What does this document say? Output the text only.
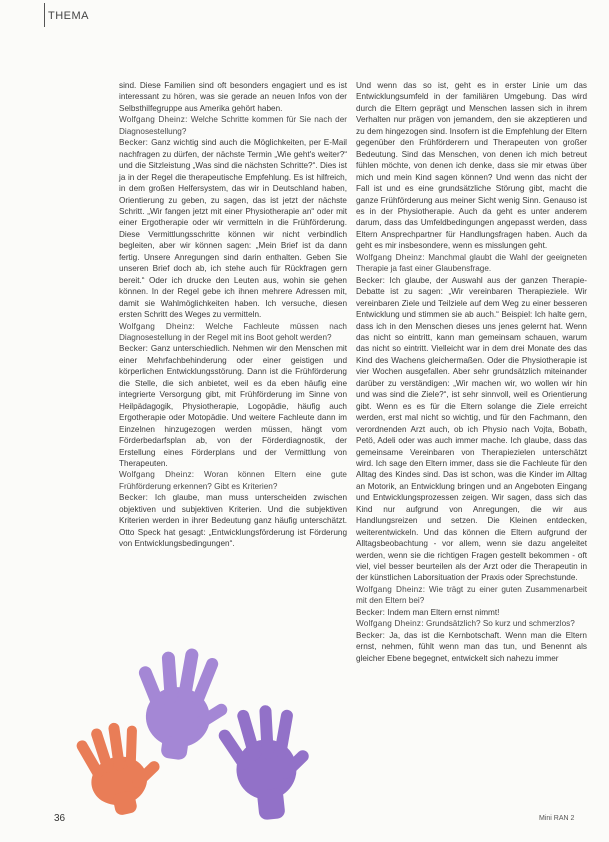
THEMA

sind. Diese Familien sind oft besonders engagiert und es ist interessant zu hören, was sie gerade an neuen Infos von der Selbsthilfegruppe aus Amerika gehört haben.

Wolfgang Dheinz: Welche Schritte kommen für Sie nach der Diagnosestellung?

Becker: Ganz wichtig sind auch die Möglichkeiten, per E-Mail nachfragen zu dürfen, der nächste Termin „Wie geht's weiter?“ und die Sitzleistung „Was sind die nächsten Schritte?“. Dies ist ja in der Regel die therapeutische Empfehlung. Es ist hilfreich, in dem großen Helfersystem, das wir in Deutschland haben, Orientierung zu geben, zu sagen, das ist jetzt der nächste Schritt. „Wir fangen jetzt mit einer Physiotherapie an“ oder mit einer Ergotherapie oder wir vermitteln in die Frühförderung. Diese Vermittlungsschritte können wir nicht verbindlich begleiten, aber wir können sagen: „Mein Brief ist da dann fertig. Unsere Anregungen sind darin enthalten. Geben Sie unseren Brief doch ab, ich stehe auch für Rückfragen gern bereit.“ Oder ich drucke den Leuten aus, wohin sie gehen können. In der Regel gebe ich ihnen mehrere Adressen mit, damit sie Wahlmöglichkeiten haben. Ich versuche, diesen ersten Schritt des Weges zu vermitteln.

Wolfgang Dheinz: Welche Fachleute müssen nach Diagnosestellung in der Regel mit ins Boot geholt werden?

Becker: Ganz unterschiedlich. Nehmen wir den Menschen mit einer Mehrfachbehinderung oder einer geistigen und körperlichen Entwicklungsstörung. Dann ist die Frühförderung die Stelle, die sich anbietet, weil es da eben häufig eine integrierte Versorgung gibt, mit Frühförderung im Sinne von Heilpädagogik, Physiotherapie, Logopädie, häufig auch Ergotherapie oder Motopädie. Und weitere Fachleute dann im Einzelnen hinzugezogen werden müssen, hängt vom Förderbedarfsplan ab, von der Förderdiagnostik, der Erstellung eines Förderplans und der Vermittlung von Therapeuten.

Wolfgang Dheinz: Woran können Eltern eine gute Frühförderung erkennen? Gibt es Kriterien?

Becker: Ich glaube, man muss unterscheiden zwischen objektiven und subjektiven Kriterien. Und die subjektiven Kriterien werden in ihrer Bedeutung ganz häufig unterschätzt. Otto Speck hat gesagt: „Entwicklungsförderung ist Förderung von Entwicklungsbedingungen“.

Und wenn das so ist, geht es in erster Linie um das Entwicklungsumfeld in der familiären Umgebung. Das wird durch die Eltern geprägt und Menschen lassen sich in ihrem Verhalten nur prägen von jemandem, den sie akzeptieren und zu dem hingezogen sind. Insofern ist die Empfehlung der Eltern gegenüber den Frühförderern und Therapeuten von großer Bedeutung. Sind das Menschen, von denen ich mich betreut fühlen möchte, von denen ich denke, dass sie mir etwas über mich und mein Kind sagen können? Und wenn das nicht der Fall ist und es eine grundsätzliche Störung gibt, macht die ganze Frühförderung aus meiner Sicht wenig Sinn. Genauso ist es in der Physiotherapie. Auch da geht es unter anderem darum, dass das Umfeldbedingungen angepasst werden, dass Eltern Ansprechpartner für Handlungsfragen haben. Auch da geht es mir insbesondere, wenn es misslungen geht.

Wolfgang Dheinz: Manchmal glaubt die Wahl der geeigneten Therapie ja fast einer Glaubensfrage.

Becker: Ich glaube, der Auswahl aus der ganzen Therapie-Debatte ist zu sagen: „Wir vereinbaren Therapieziele. Wir vereinbaren Ziele und Teilziele auf dem Weg zu einer besseren Entwicklung und stimmen sie ab auch.“ Beispiel: Ich halte gern, dass ich in den Menschen dieses uns jenes gelernt hat. Wenn das nicht so eintritt, kann man gemeinsam schauen, warum das nicht so eintritt. Vielleicht war in dem drei Monate des das Kind des Wachens gleichermaßen. Oder die Physiotherapie ist vier Wochen ausgefallen. Aber sehr grundsätzlich miteinander darüber zu verständigen: „Wir machen wir, wo wollen wir hin und was sind die Ziele?“, ist sehr sinnvoll, weil es Orientierung gibt. Wenn es es für die Eltern solange die Ziele erreicht werden, erst mal nicht so wichtig, und für den Fachmann, den verordnenden Arzt auch, ob ich Physio nach Vojta, Bobath, Petö, Adeli oder was auch immer mache. Ich glaube, dass das gemeinsame Vereinbaren von Therapiezielen unterschätzt wird. Ich sage den Eltern immer, dass sie die Fachleute für den Alltag des Kindes sind. Das ist schon, was die Kinder im Alltag an Motorik, an Entwicklung bringen und an Angeboten Eingang und Entwicklungsprozessen zeigen. Wir sagen, dass sich das Kind nur aufgrund von Anregungen, die wir aus Handlungsreizen und setzen. Die Kleinen entdecken, weiterentwickeln. Und das können die Eltern aufgrund der Alltagsbeobachtung - vor allem, wenn sie dazu angeleitet werden, wenn sie die richtigen Fragen gestellt bekommen - oft viel, viel besser beurteilen als der Arzt oder die Therapeutin in der künstlichen Laborsituation der Praxis oder Sprechstunde.

Wolfgang Dheinz: Wie trägt zu einer guten Zusammenarbeit mit den Eltern bei?

Becker: Indem man Eltern ernst nimmt!

Wolfgang Dheinz: Grundsätzlich? So kurz und schmerzlos?

Becker: Ja, das ist die Kernbotschaft. Wenn man die Eltern ernst, nehmen, fühlt wenn man das tun, und Benennt als gleicher Ebene begegnet, entwickelt sich nahezu immer

36	Mini RAN 2
